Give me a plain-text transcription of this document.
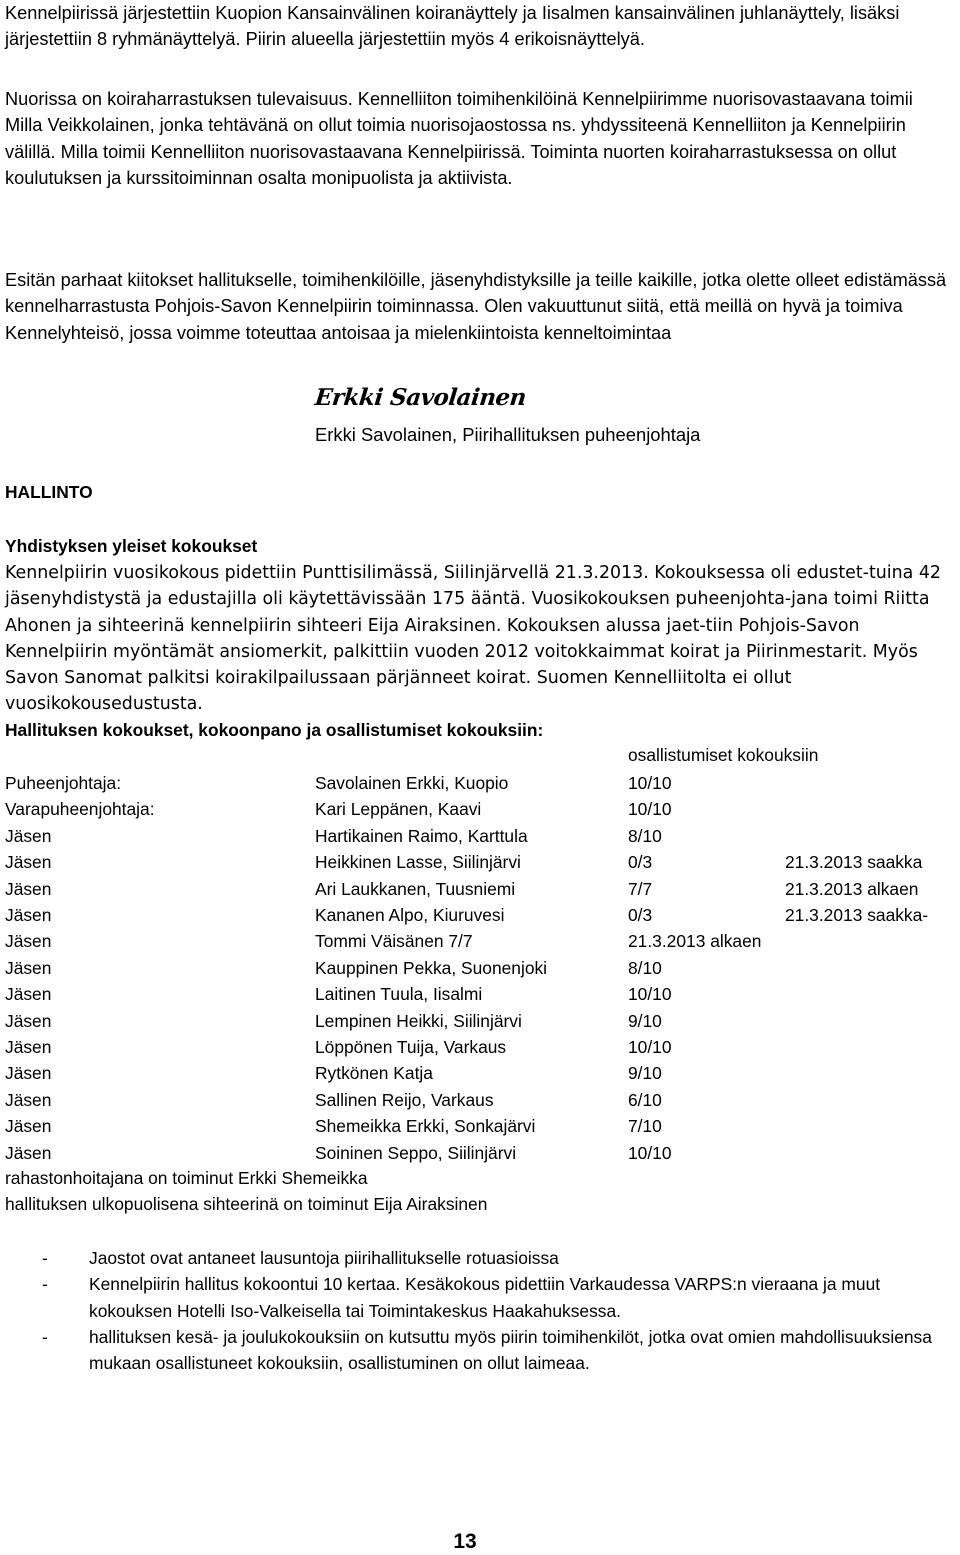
Kennelpiirissä järjestettiin Kuopion Kansainvälinen koiranäyttely ja Iisalmen kansainvälinen juhlanäyttely, lisäksi järjestettiin 8 ryhmänäyttelyä. Piirin alueella järjestettiin myös 4 erikoisnäyttelyä.

Nuorissa on koiraharrastuksen tulevaisuus. Kennelliiton toimihenkilöinä Kennelpiirimme nuorisovastaavana toimii Milla Veikkolainen, jonka tehtävänä on ollut toimia nuorisojaostossa ns. yhdyssiteenä Kennelliiton ja Kennelpiirin välillä. Milla toimii Kennelliiton nuorisovastaavana Kennelpiirissä. Toiminta nuorten koiraharrastuksessa on ollut koulutuksen ja kurssitoiminnan osalta monipuolista ja aktiivista.

Esitän parhaat kiitokset hallitukselle, toimihenkilöille, jäsenyhdistyksille ja teille kaikille, jotka olette olleet edistämässä kennelharrastusta Pohjois-Savon Kennelpiirin toiminnassa. Olen vakuuttunut siitä, että meillä on hyvä ja toimiva Kennelyhteisö, jossa voimme toteuttaa antoisaa ja mielenkiintoista kenneltoimintaa

Erkki Savolainen
Erkki Savolainen, Piirihallituksen puheenjohtaja
HALLINTO
Yhdistyksen yleiset kokoukset

Kennelpiirin vuosikokous pidettiin Punttisilimässä, Siilinjärvellä 21.3.2013. Kokouksessa oli edustet-tuina 42 jäsenyhdistystä ja edustajilla oli käytettävissään 175 ääntä. Vuosikokouksen puheenjohta-jana toimi Riitta Ahonen ja sihteerinä kennelpiirin sihteeri Eija Airaksinen. Kokouksen alussa jaet-tiin Pohjois-Savon Kennelpiirin myöntämät ansiomerkit, palkittiin vuoden 2012 voitokkaimmat koirat ja Piirinmestarit. Myös Savon Sanomat palkitsi koirakilpailussaan pärjänneet koirat. Suomen Kennelliitolta ei ollut vuosikokousedustusta.

Hallituksen kokoukset, kokoonpano ja osallistumiset kokouksiin:
osallistumiset kokouksiin
Puheenjohtaja:	Savolainen Erkki, Kuopio	10/10
Varapuheenjohtaja:	Kari Leppänen, Kaavi	10/10
Jäsen	Hartikainen Raimo, Karttula	8/10
Jäsen	Heikkinen Lasse, Siilinjärvi	0/3	21.3.2013 saakka
Jäsen	Ari Laukkanen, Tuusniemi	7/7	21.3.2013 alkaen
Jäsen	Kananen Alpo, Kiuruvesi	0/3	21.3.2013 saakka-
Jäsen	Tommi Väisänen 7/7	21.3.2013 alkaen
Jäsen	Kauppinen Pekka, Suonenjoki	8/10
Jäsen	Laitinen Tuula, Iisalmi	10/10
Jäsen	Lempinen Heikki, Siilinjärvi	9/10
Jäsen	Löppönen Tuija, Varkaus	10/10
Jäsen	Rytkönen Katja	9/10
Jäsen	Sallinen Reijo, Varkaus	6/10
Jäsen	Shemeikka Erkki, Sonkajärvi	7/10
Jäsen	Soininen Seppo, Siilinjärvi	10/10
rahastonhoitajana on toiminut Erkki Shemeikka
hallituksen ulkopuolisena sihteerinä on toiminut Eija Airaksinen
- Jaostot ovat antaneet lausuntoja piirihallitukselle rotuasioissa
- Kennelpiirin hallitus kokoontui 10 kertaa. Kesäkokous pidettiin Varkaudessa VARPS:n vieraana ja muut kokouksen Hotelli Iso-Valkeisella tai Toimintakeskus Haakahuksessa.
- hallituksen kesä- ja joulukokouksiin on kutsuttu myös piirin toimihenkilöt, jotka ovat omien mahdollisuuksiensa mukaan osallistuneet kokouksiin, osallistuminen on ollut laimeaa.
13
